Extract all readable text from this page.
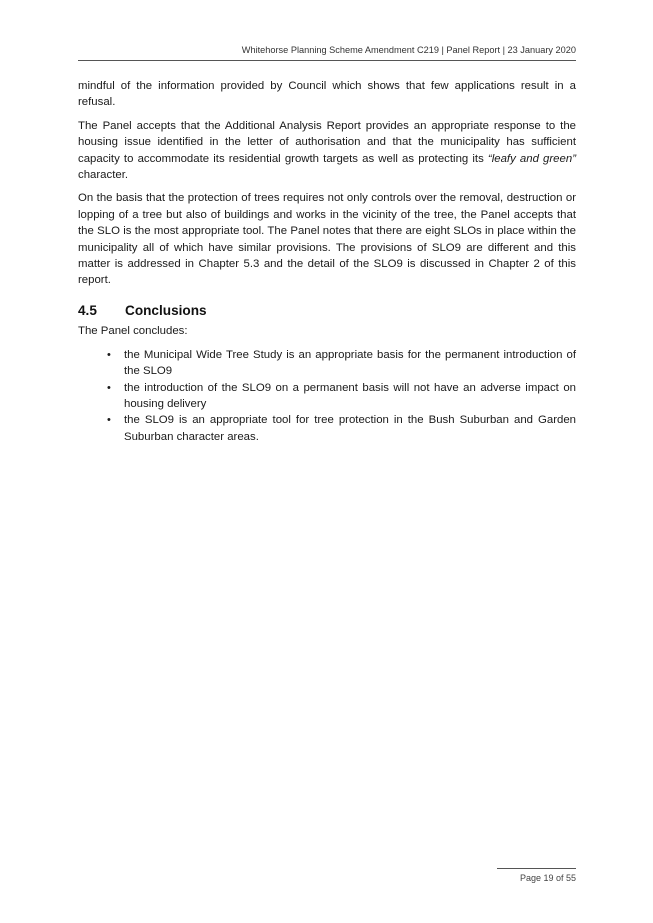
Whitehorse Planning Scheme Amendment C219 | Panel Report | 23 January 2020

mindful of the information provided by Council which shows that few applications result in a refusal.

The Panel accepts that the Additional Analysis Report provides an appropriate response to the housing issue identified in the letter of authorisation and that the municipality has sufficient capacity to accommodate its residential growth targets as well as protecting its “leafy and green” character.

On the basis that the protection of trees requires not only controls over the removal, destruction or lopping of a tree but also of buildings and works in the vicinity of the tree, the Panel accepts that the SLO is the most appropriate tool. The Panel notes that there are eight SLOs in place within the municipality all of which have similar provisions. The provisions of SLO9 are different and this matter is addressed in Chapter 5.3 and the detail of the SLO9 is discussed in Chapter 2 of this report.

4.5	Conclusions

The Panel concludes:

• the Municipal Wide Tree Study is an appropriate basis for the permanent introduction of the SLO9
• the introduction of the SLO9 on a permanent basis will not have an adverse impact on housing delivery
• the SLO9 is an appropriate tool for tree protection in the Bush Suburban and Garden Suburban character areas.
Page 19 of 55
